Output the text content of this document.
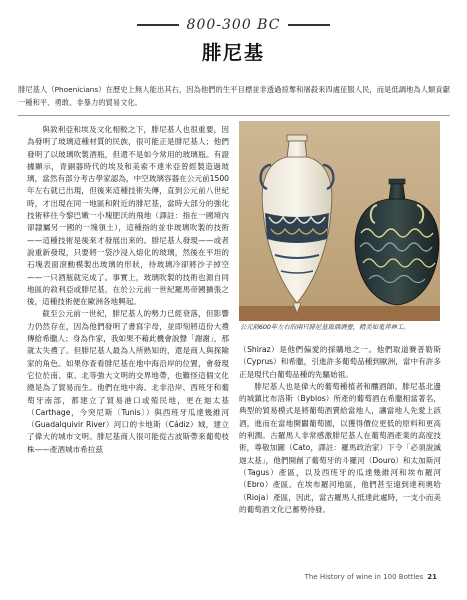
800-300 BC
腓尼基
腓尼基人（Phoenicians）在歷史上無人能出其右，因為他們的生平目標並非透過掠奪和屠殺來四處征服人民，而是低調地為人類貢獻一種和平、勇敢、非暴力的貿易文化。

與敘利亞和埃及文化相較之下，腓尼基人也很重要，因為發明了玻璃這種材質的民族，很可能正是腓尼基人；他們發明了以玻璃吹製酒瓶，但還不是如今常用的玻璃瓶。有證據顯示，青銅器時代的埃及和美索不達米亞曾經製造過玻璃，當然有部分考古學家認為，中空玻璃容器在公元前1500年左右就已出現，但後來這種技術失傳，直到公元前八世紀時，才出現在同一地區和附近的腓尼基，當時大部分的強化技術移往今黎巴嫩一小塊肥沃的飛地（譯註：指在一國境內卻隸屬另一國的一塊領土），這種指的並非玻璃吹製的技術——這種技術是後來才發展出來的。腓尼基人發現——或者說重新發現，只要將一袋沙浸入熔化的玻璃，然後在平坦的石塊表面滾動模製出玻璃的形狀，待玻璃冷卻將沙子掉空——一只酒瓶就完成了。事實上，玻璃吹製的技術也源自同地區的敘利亞或腓尼基，在於公元前一世紀羅馬帝國擴張之後，這種技術便在歐洲各地興起。

截至公元前一世紀，腓尼基人的勢力已經衰落，但影響力仍然存在，因為他們發明了書寫字母，並即刻將這份大禮傳給希臘人；身為作家，我如果不藉此機會說聲「謝謝」，那就太失禮了。但腓尼基人最為人所熟知的，還是商人與探險家的角色。如果你查看腓尼基在地中海沿岸的位置，會發現它位於南、東、北等強大文明的交界地帶，也難怪這個文化總是為了貿易而生。他們在地中海、北非沿岸、西班牙和葡萄牙南部，都建立了貿易港口或殖民地，更在迦太基（Carthage，今突尼斯〔Tunis〕）與西班牙瓜達幾維河（Guadalquivir River）河口的卡地斯（Cádiz）城，建立了偉大的城市文明。腓尼基商人很可能從古波斯帶來葡萄枝株——產酒城市希拉茲

公元前600年左右的兩只腓尼基玻璃酒壺，精美如鬼斧神工。

（Shiraz）是他們偏愛的採購地之一。他們取道賽普勒斯（Cyprus）和希臘，引進許多葡萄品種到歐洲，當中有許多正是現代白葡萄品種的先驅始祖。

腓尼基人也是偉大的葡萄種植者和釀酒師。腓尼基北邊的城鎮比布洛斯（Byblos）所產的葡萄酒在希臘相當著名，典型的貿易模式是將葡萄酒賣給當地人，讓當地人先愛上該酒，進而在當地開闢葡萄園，以獲得價位更低的原料和更高的利潤。古羅馬人非常感激腓尼基人在葡萄酒產業的高度技術，尊敬加圖（Cato，譯註：羅馬政治家）下令「必須說滅迦太基」，他們開創了葡萄牙的斗羅河（Douro）和太加斯河（Tagus）產區，以及西班牙的瓜達幾維河和埃布羅河（Ebro）產區。在埃布羅河地區，他們甚至遠到達利奧哈（Rioja）產區，因此，當古羅馬人抵達此處時，一支小而美的葡萄酒文化已蓄勢待發。

The History of wine in 100 Bottles 21
